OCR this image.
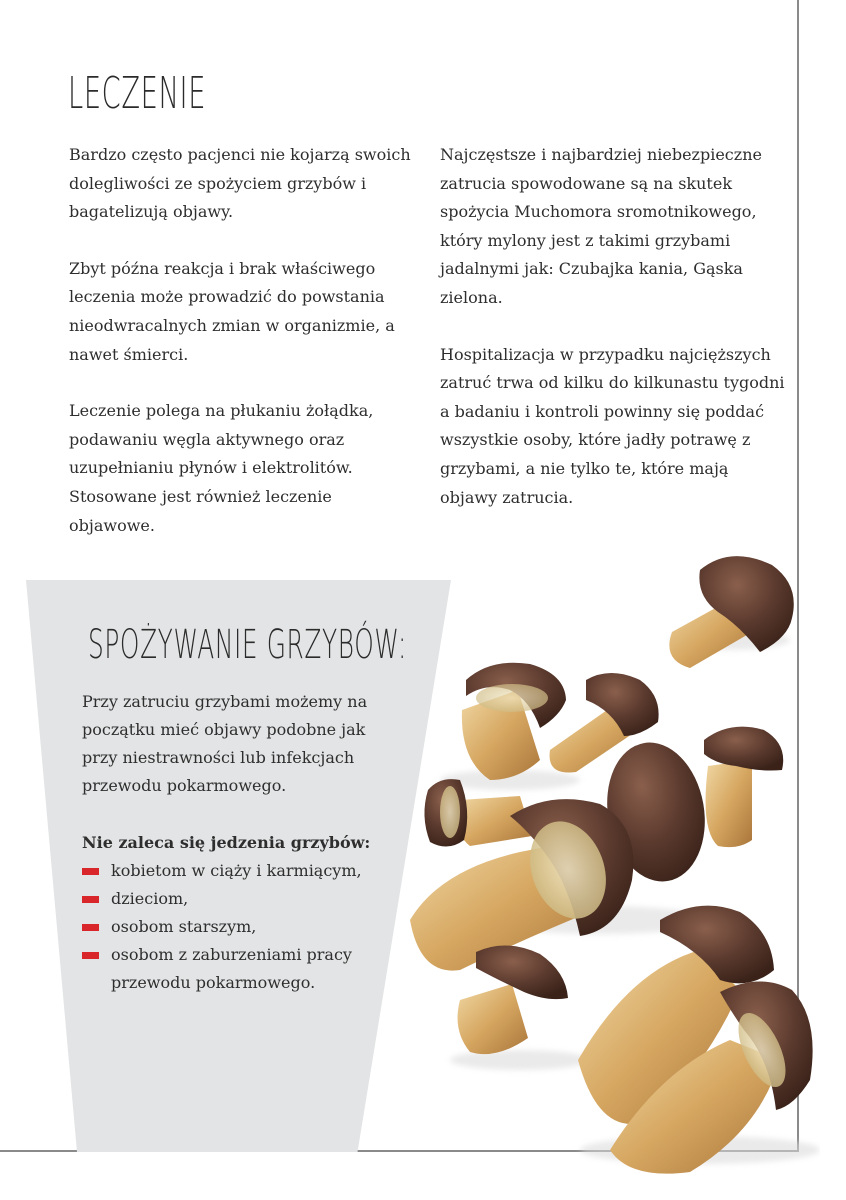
LECZENIE

Bardzo często pacjenci nie kojarzą swoich dolegliwości ze spożyciem grzybów i bagatelizują objawy.

Zbyt późna reakcja i brak właściwego leczenia może prowadzić do powstania nieodwracalnych zmian w organizmie, a nawet śmierci.

Leczenie polega na płukaniu żołądka, podawaniu węgla aktywnego oraz uzupełnianiu płynów i elektrolitów. Stosowane jest również leczenie objawowe.

Najczęstsze i najbardziej niebezpieczne zatrucia spowodowane są na skutek spożycia Muchomora sromotnikowego, który mylony jest z takimi grzybami jadalnymi jak: Czubajka kania, Gąska zielona.

Hospitalizacja w przypadku najcięższych zatruć trwa od kilku do kilkunastu tygodni a badaniu i kontroli powinny się poddać wszystkie osoby, które jadły potrawę z grzybami, a nie tylko te, które mają objawy zatrucia.

SPOŻYWANIE GRZYBÓW:
Przy zatruciu grzybami możemy na początku mieć objawy podobne jak przy niestrawności lub infekcjach przewodu pokarmowego.
Nie zaleca się jedzenia grzybów:
kobietom w ciąży i karmiącym,
dzieciom,
osobom starszym,
osobom z zaburzeniami pracy przewodu pokarmowego.
